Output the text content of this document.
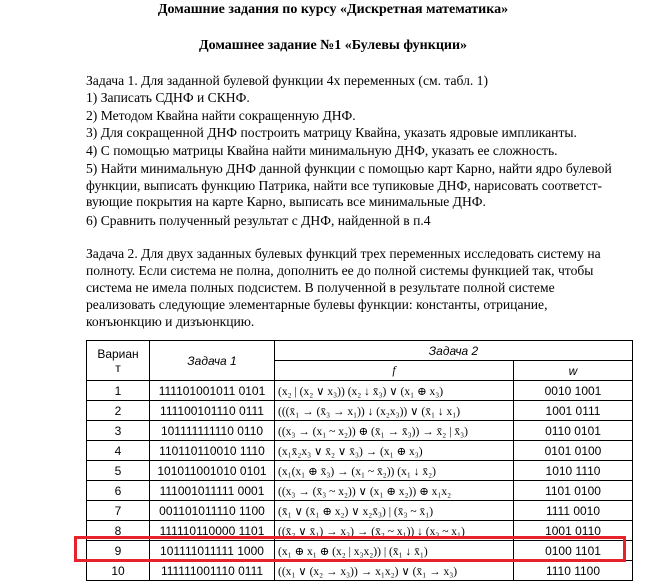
Домашние задания по курсу «Дискретная математика»
Домашнее задание №1 «Булевы функции»
Задача 1. Для заданной булевой функции 4х переменных (см. табл. 1)
1) Записать СДНФ и СКНФ.
2) Методом Квайна найти сокращенную ДНФ.
3) Для сокращенной ДНФ построить матрицу Квайна, указать ядровые импликанты.
4) С помощью матрицы Квайна найти минимальную ДНФ, указать ее сложность.
5) Найти минимальную ДНФ данной функции с помощью карт Карно, найти ядро булевой
функции, выписать функцию Патрика, найти все тупиковые ДНФ, нарисовать соответст-
вующие покрытия на карте Карно, выписать все минимальные ДНФ.
6) Сравнить полученный результат с ДНФ, найденной в п.4
Задача 2. Для двух заданных булевых функций трех переменных исследовать систему на
полноту. Если система не полна, дополнить ее до полной системы функцией так, чтобы
система не имела полных подсистем. В полученной в результате полной системе
реализовать следующие элементарные булевы функции: константы, отрицание,
конъюнкцию и дизъюнкцию.
Вариан
т	Задача 1	Задача 2	
		f	w
1	111101001011 0101	(x₂ | (x₂ ∨ x₃)) (x₂ ↓ x̄₃) ∨ (x₁ ⊕ x₃)	0010 1001
2	111100101110 0111	(((x̄₁ → (x̄₃ → x₁)) ↓ (x₂x₃)) ∨ (x̄₁ ↓ x₁)	1001 0111
3	101111111110 0110	((x₃ → (x₁ ~ x₂)) ⊕ (x̄₁ → x̄₃)) → x̄₂ | x̄₃)	0110 0101
4	110110110010 1110	(x₁x̄₂x₃ ∨ x̄₂ ∨ x̄₃) → (x₁ ⊕ x₃)	0101 0100
5	101011001010 0101	(x₁(x₁ ⊕ x̄₃) → (x₁ ~ x̄₂)) (x₁ ↓ x̄₂)	1010 1110
6	111001011111 0001	((x₃ → (x̄₃ ~ x₂)) ∨ (x₁ ⊕ x₂)) ⊕ x₁x₂	1101 0100
7	001101011110 1100	(x̄₁ ∨ (x̄₁ ⊕ x₂) ∨ x₂x̄₃) | (x̄₃ ~ x̄₁)	1111 0010
8	111110110000 1101	((x̄₂ ∨ x̄₁) → x₃) → (x̄₂ ~ x₁)) ↓ (x₃ ~ x₁)	1001 0110
9	101111011111 1000	(x₁ ⊕ x₁ ⊕ (x₂ | x₃x₂)) | (x̄₁ ↓ x̄₁)	0100 1101
10	111111001110 0111	((x₁ ∨ (x₂ → x₃)) → x₁x₂) ∨ (x̄₁ → x₃)	1110 1100
